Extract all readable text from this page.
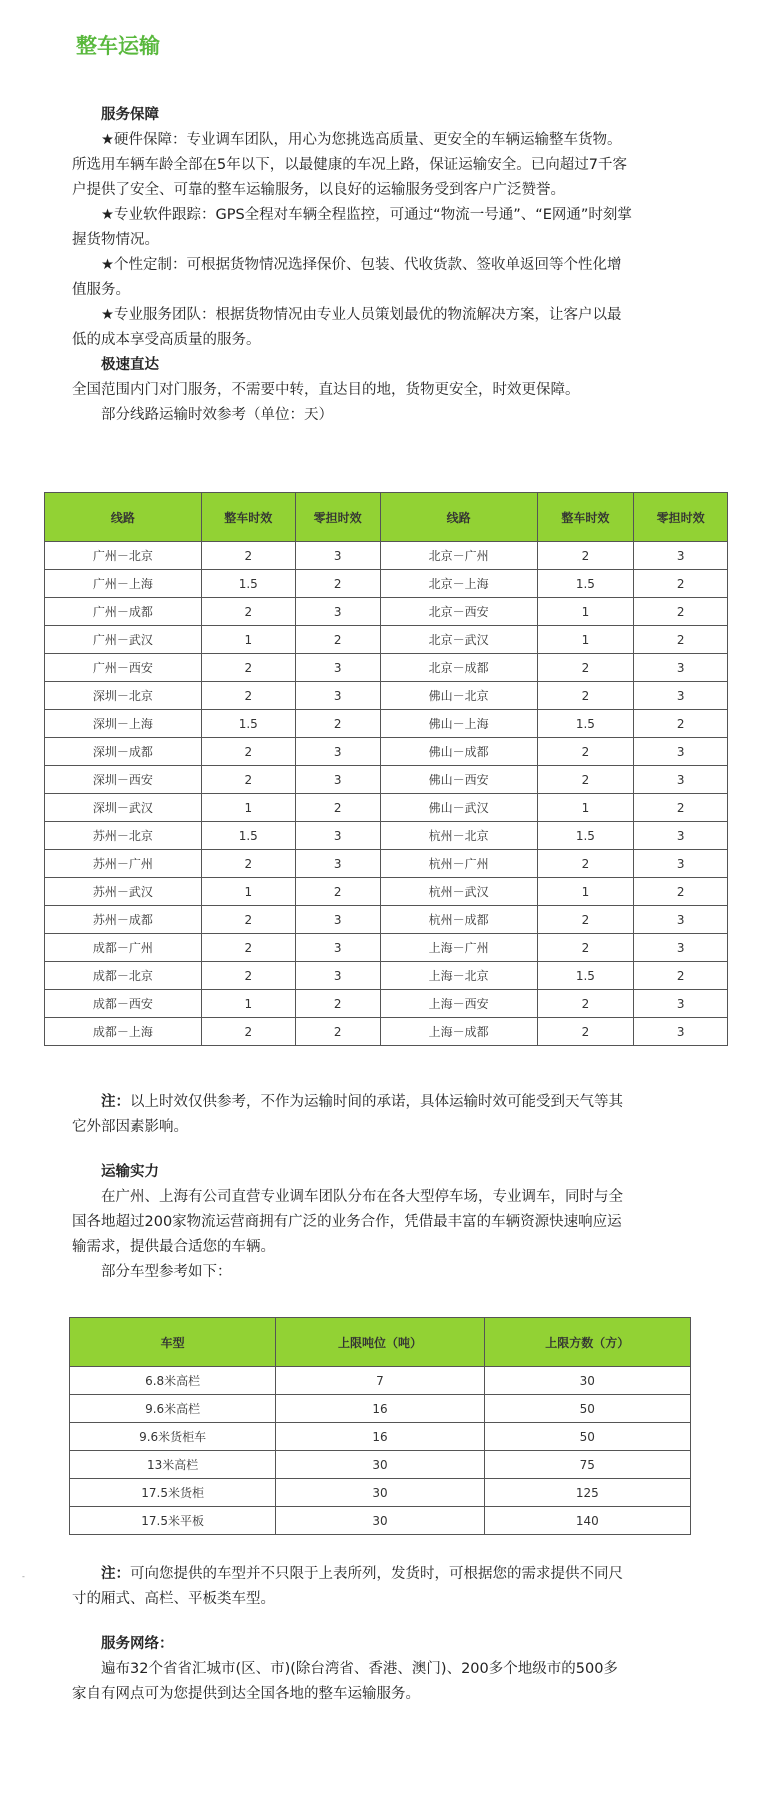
整车运输

服务保障

★硬件保障：专业调车团队，用心为您挑选高质量、更安全的车辆运输整车货物。所选用车辆车龄全部在5年以下，以最健康的车况上路，保证运输安全。已向超过7千客户提供了安全、可靠的整车运输服务，以良好的运输服务受到客户广泛赞誉。

★专业软件跟踪：GPS全程对车辆全程监控，可通过“物流一号通”、“E网通”时刻掌握货物情况。

★个性定制：可根据货物情况选择保价、包装、代收货款、签收单返回等个性化增值服务。

★专业服务团队：根据货物情况由专业人员策划最优的物流解决方案，让客户以最低的成本享受高质量的服务。

极速直达

全国范围内门对门服务，不需要中转，直达目的地，货物更安全，时效更保障。

部分线路运输时效参考（单位：天）

线路	整车时效	零担时效	线路	整车时效	零担时效
广州－北京	2	3	北京－广州	2	3
广州－上海	1.5	2	北京－上海	1.5	2
广州－成都	2	3	北京－西安	1	2
广州－武汉	1	2	北京－武汉	1	2
广州－西安	2	3	北京－成都	2	3
深圳－北京	2	3	佛山－北京	2	3
深圳－上海	1.5	2	佛山－上海	1.5	2
深圳－成都	2	3	佛山－成都	2	3
深圳－西安	2	3	佛山－西安	2	3
深圳－武汉	1	2	佛山－武汉	1	2
苏州－北京	1.5	3	杭州－北京	1.5	3
苏州－广州	2	3	杭州－广州	2	3
苏州－武汉	1	2	杭州－武汉	1	2
苏州－成都	2	3	杭州－成都	2	3
成都－广州	2	3	上海－广州	2	3
成都－北京	2	3	上海－北京	1.5	2
成都－西安	1	2	上海－西安	2	3
成都－上海	2	2	上海－成都	2	3

注：以上时效仅供参考，不作为运输时间的承诺，具体运输时效可能受到天气等其它外部因素影响。

运输实力

在广州、上海有公司直营专业调车团队分布在各大型停车场，专业调车，同时与全国各地超过200家物流运营商拥有广泛的业务合作，凭借最丰富的车辆资源快速响应运输需求，提供最合适您的车辆。

部分车型参考如下：

车型	上限吨位（吨）	上限方数（方）
6.8米高栏	7	30
9.6米高栏	16	50
9.6米货柜车	16	50
13米高栏	30	75
17.5米货柜	30	125
17.5米平板	30	140
-	注：可向您提供的车型并不只限于上表所列，发货时，可根据您的需求提供不同尺寸的厢式、高栏、平板类车型。

服务网络：

遍布32个省省汇城市(区、市)(除台湾省、香港、澳门)、200多个地级市的500多家自有网点可为您提供到达全国各地的整车运输服务。
